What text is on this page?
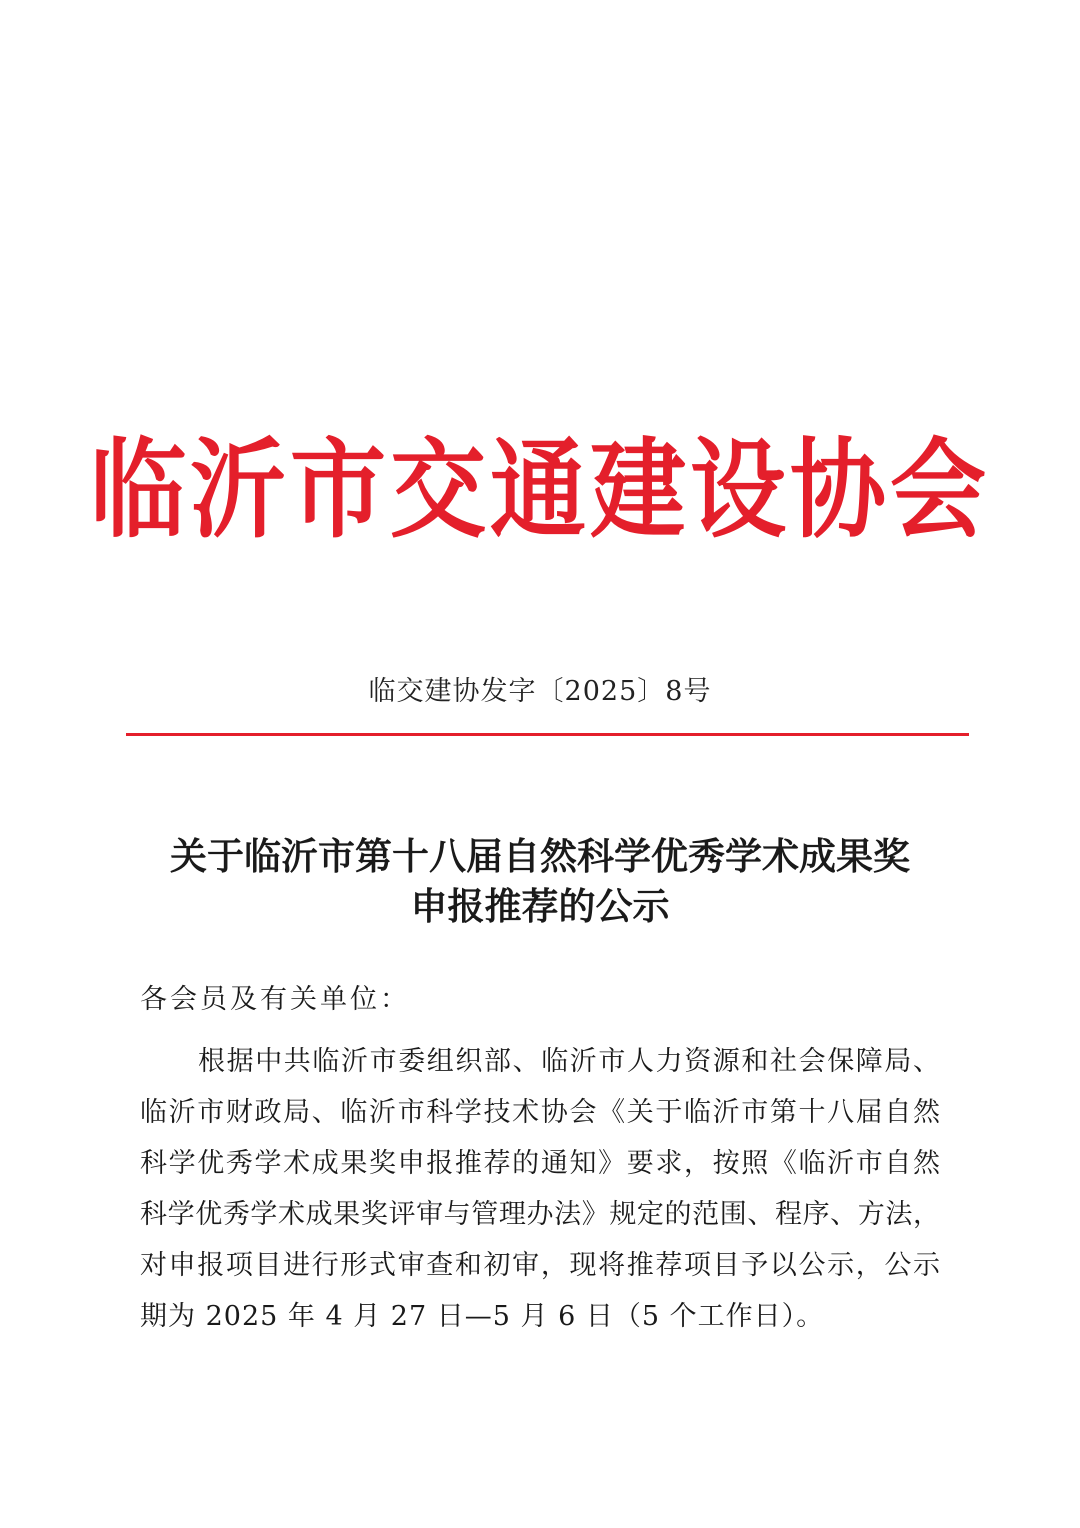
临沂市交通建设协会
临交建协发字〔2025〕8号
关于临沂市第十八届自然科学优秀学术成果奖
申报推荐的公示
各会员及有关单位：
根据中共临沂市委组织部、临沂市人力资源和社会保障局、
临沂市财政局、临沂市科学技术协会《关于临沂市第十八届自然
科学优秀学术成果奖申报推荐的通知》要求，按照《临沂市自然
科学优秀学术成果奖评审与管理办法》规定的范围、程序、方法，
对申报项目进行形式审查和初审，现将推荐项目予以公示，公示
期为 2025 年 4 月 27 日—5 月 6 日（5 个工作日）。
